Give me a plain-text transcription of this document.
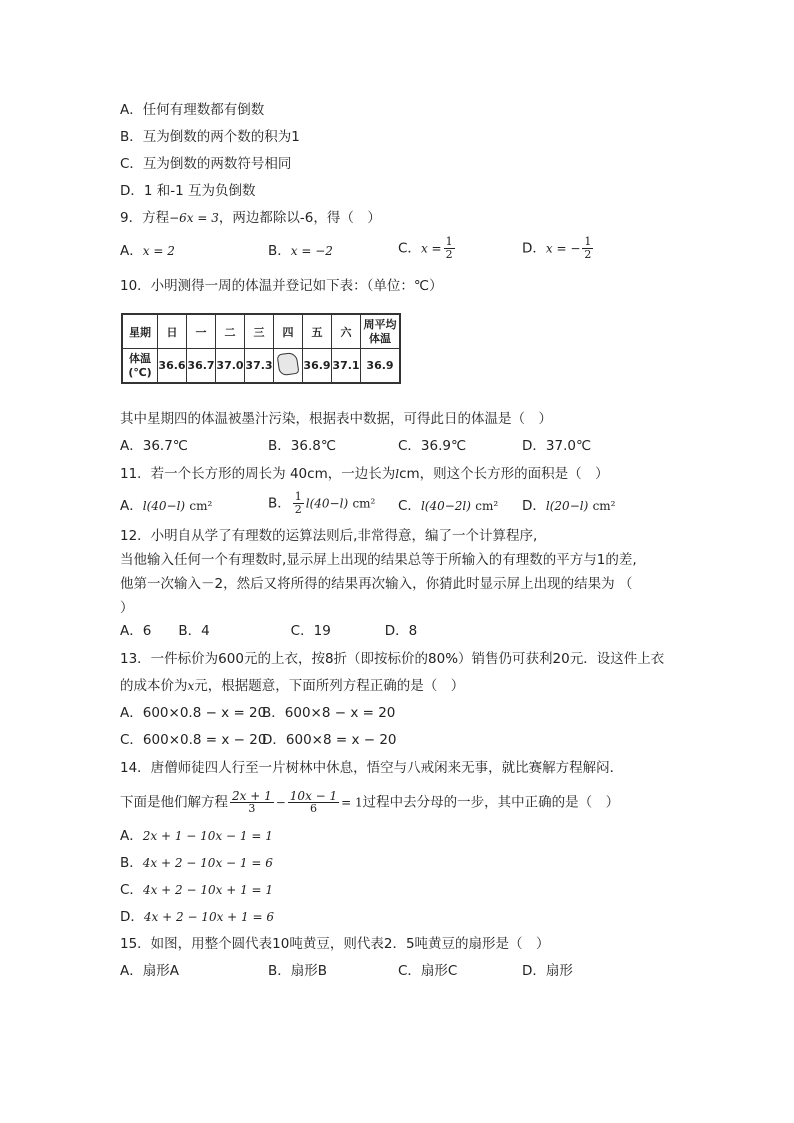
A．任何有理数都有倒数
B．互为倒数的两个数的积为1
C．互为倒数的两数符号相同
D．1 和-1 互为负倒数
9．方程−6x = 3，两边都除以-6，得（　）
A．x = 2	B．x = −2	C．$x = \frac{1}{2}$	D．x = − $\frac{1}{2}$
10．小明测得一周的体温并登记如下表：（单位：℃）
星期	日	一	二	三	四	五	六	周平均体温
体温(℃)	36.6	36.7	37.0	37.3		36.9	37.1	36.9
其中星期四的体温被墨汁污染，根据表中数据，可得此日的体温是（　）
A．36.7℃	B．36.8℃	C．36.9℃	D．37.0℃
11．若一个长方形的周长为 40cm，一边长为lcm，则这个长方形的面积是（　）
A．l(40−l) cm²	B． $\frac{1}{2} l(40-l)$ cm² C．l(40−2l) cm² D．l(20−l) cm²
12．小明自从学了有理数的运算法则后,非常得意，编了一个计算程序,
当他输入任何一个有理数时,显示屏上出现的结果总等于所输入的有理数的平方与1的差,
他第一次输入－2，然后又将所得的结果再次输入，你猜此时显示屏上出现的结果为 （
）
A．6　　B．4　　　　　　C．19　　　　D．8
13．一件标价为600元的上衣，按8折（即按标价的80%）销售仍可获利20元．设这件上衣
的成本价为x元，根据题意，下面所列方程正确的是（　）
A．600×0.8 − x = 20
B．600×8 − x = 20
C．600×0.8 = x − 20
D．600×8 = x − 20
14．唐僧师徒四人行至一片树林中休息，悟空与八戒闲来无事，就比赛解方程解闷．
下面是他们解方程 $\frac{2x + 1}{3} - \frac{10x - 1}{6} = 1$过程中去分母的一步，其中正确的是（　）
A．2x + 1 − 10x − 1 = 1
B．4x + 2 − 10x − 1 = 6
C．4x + 2 − 10x + 1 = 1
D．4x + 2 − 10x + 1 = 6
15．如图，用整个圆代表10吨黄豆，则代表2．5吨黄豆的扇形是（　）
A．扇形A	B．扇形B	C．扇形C	D．扇形
